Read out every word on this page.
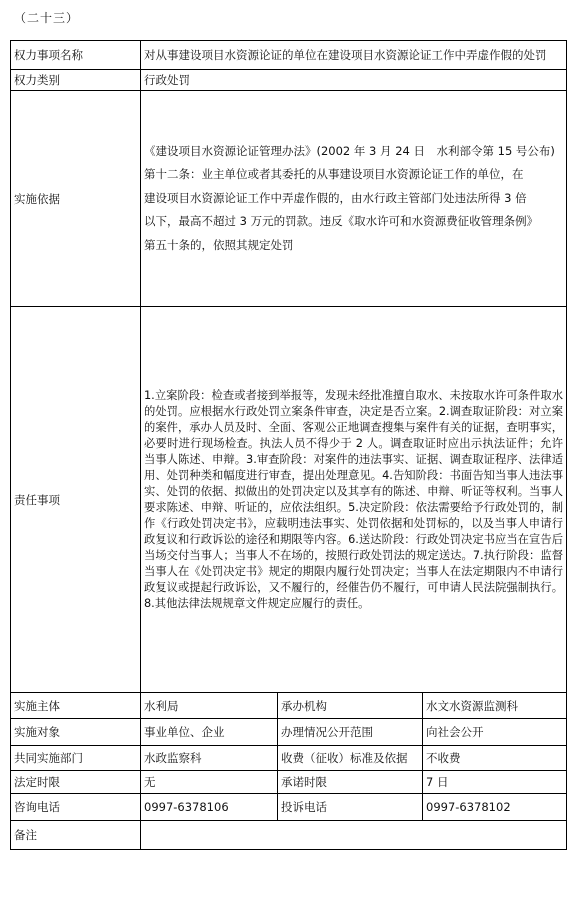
（二十三）
权力事项名称	对从事建设项目水资源论证的单位在建设项目水资源论证工作中弄虚作假的处罚		
权力类别	行政处罚		
实施依据	《建设项目水资源论证管理办法》(2002 年 3 月 24 日　水利部令第 15 号公布)

第十二条：业主单位或者其委托的从事建设项目水资源论证工作的单位，在

建设项目水资源论证工作中弄虚作假的，由水行政主管部门处违法所得 3 倍

以下，最高不超过 3 万元的罚款。违反《取水许可和水资源费征收管理条例》

第五十条的，依照其规定处罚		

责任事项	1.立案阶段：检查或者接到举报等，发现未经批准擅自取水、未按取水许可条件取水的处罚。应根据水行政处罚立案条件审查，决定是否立案。2.调查取证阶段：对立案的案件，承办人员及时、全面、客观公正地调查搜集与案件有关的证据，查明事实，必要时进行现场检查。执法人员不得少于 2 人。调查取证时应出示执法证件；允许当事人陈述、申辩。3.审查阶段：对案件的违法事实、证据、调查取证程序、法律适用、处罚种类和幅度进行审查，提出处理意见。4.告知阶段：书面告知当事人违法事实、处罚的依据、拟做出的处罚决定以及其享有的陈述、申辩、听证等权利。当事人要求陈述、申辩、听证的，应依法组织。5.决定阶段：依法需要给予行政处罚的，制作《行政处罚决定书》，应载明违法事实、处罚依据和处罚标的，以及当事人申请行政复议和行政诉讼的途径和期限等内容。6.送达阶段：行政处罚决定书应当在宣告后当场交付当事人；当事人不在场的，按照行政处罚法的规定送达。7.执行阶段：监督当事人在《处罚决定书》规定的期限内履行处罚决定；当事人在法定期限内不申请行政复议或提起行政诉讼，又不履行的，经催告仍不履行，可申请人民法院强制执行。8.其他法律法规规章文件规定应履行的责任。		
实施主体	水利局	承办机构	水文水资源监测科
实施对象	事业单位、企业	办理情况公开范围	向社会公开
共同实施部门	水政监察科	收费（征收）标准及依据	不收费
法定时限	无	承诺时限	7 日
咨询电话	0997-6378106	投诉电话	0997-6378102
备注			
